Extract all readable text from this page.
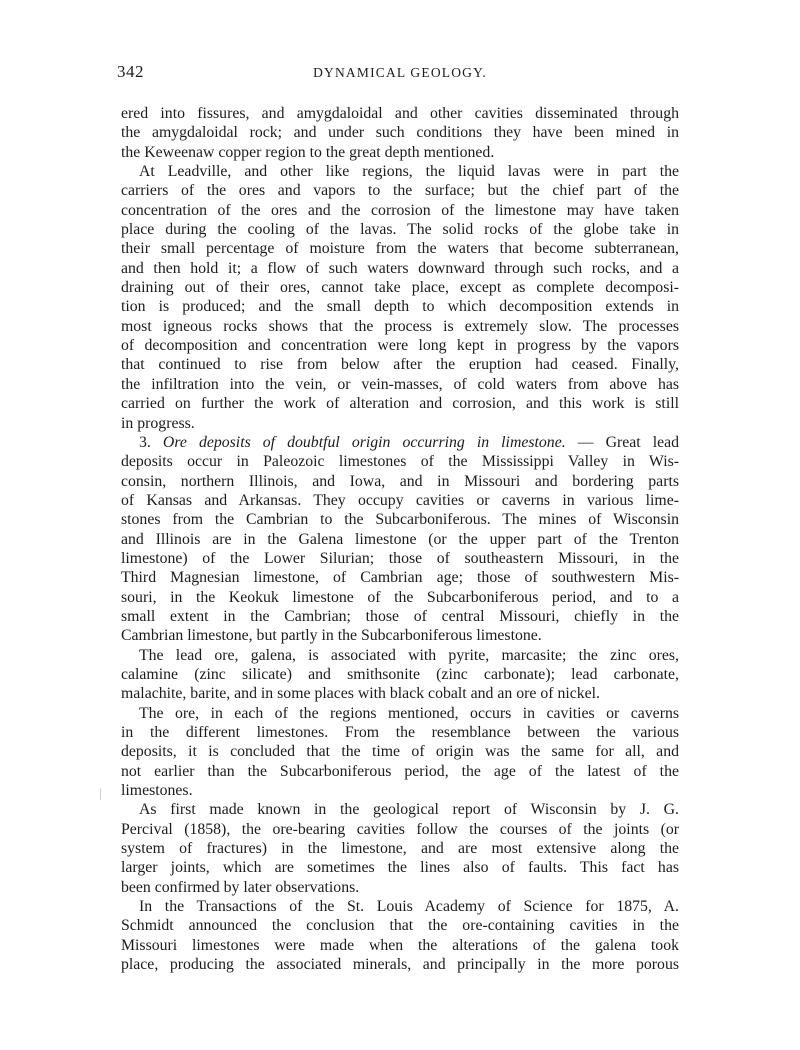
342	DYNAMICAL GEOLOGY.
ered into fissures, and amygdaloidal and other cavities disseminated through
the amygdaloidal rock; and under such conditions they have been mined in
the Keweenaw copper region to the great depth mentioned.
At Leadville, and other like regions, the liquid lavas were in part the
carriers of the ores and vapors to the surface; but the chief part of the
concentration of the ores and the corrosion of the limestone may have taken
place during the cooling of the lavas. The solid rocks of the globe take in
their small percentage of moisture from the waters that become subterranean,
and then hold it; a flow of such waters downward through such rocks, and a
draining out of their ores, cannot take place, except as complete decomposi-
tion is produced; and the small depth to which decomposition extends in
most igneous rocks shows that the process is extremely slow. The processes
of decomposition and concentration were long kept in progress by the vapors
that continued to rise from below after the eruption had ceased. Finally,
the infiltration into the vein, or vein-masses, of cold waters from above has
carried on further the work of alteration and corrosion, and this work is still
in progress.
3. Ore deposits of doubtful origin occurring in limestone. — Great lead
deposits occur in Paleozoic limestones of the Mississippi Valley in Wis-
consin, northern Illinois, and Iowa, and in Missouri and bordering parts
of Kansas and Arkansas. They occupy cavities or caverns in various lime-
stones from the Cambrian to the Subcarboniferous. The mines of Wisconsin
and Illinois are in the Galena limestone (or the upper part of the Trenton
limestone) of the Lower Silurian; those of southeastern Missouri, in the
Third Magnesian limestone, of Cambrian age; those of southwestern Mis-
souri, in the Keokuk limestone of the Subcarboniferous period, and to a
small extent in the Cambrian; those of central Missouri, chiefly in the
Cambrian limestone, but partly in the Subcarboniferous limestone.
The lead ore, galena, is associated with pyrite, marcasite; the zinc ores,
calamine (zinc silicate) and smithsonite (zinc carbonate); lead carbonate,
malachite, barite, and in some places with black cobalt and an ore of nickel.
The ore, in each of the regions mentioned, occurs in cavities or caverns
in the different limestones. From the resemblance between the various
deposits, it is concluded that the time of origin was the same for all, and
not earlier than the Subcarboniferous period, the age of the latest of the
limestones.
As first made known in the geological report of Wisconsin by J. G.
Percival (1858), the ore-bearing cavities follow the courses of the joints (or
system of fractures) in the limestone, and are most extensive along the
larger joints, which are sometimes the lines also of faults. This fact has
been confirmed by later observations.
In the Transactions of the St. Louis Academy of Science for 1875, A.
Schmidt announced the conclusion that the ore-containing cavities in the
Missouri limestones were made when the alterations of the galena took
place, producing the associated minerals, and principally in the more porous
